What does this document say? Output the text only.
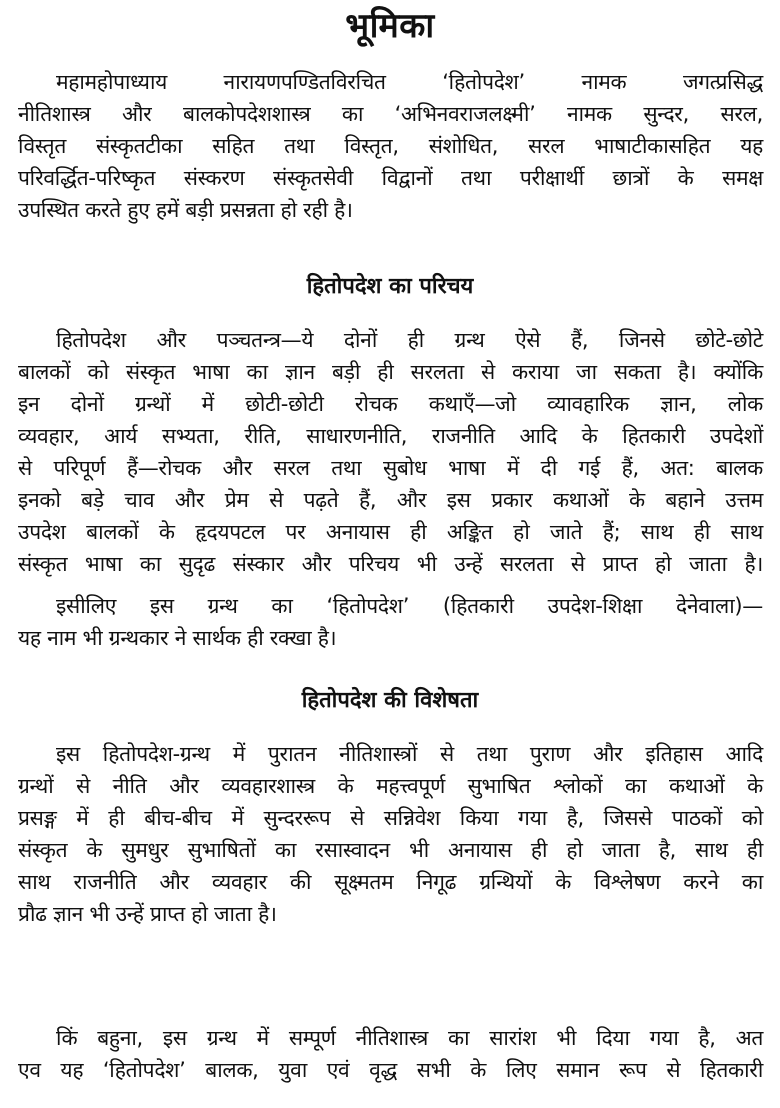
भूमिका
महामहोपाध्याय नारायणपण्डितविरचित ‘हितोपदेश’ नामक जगत्प्रसिद्ध
नीतिशास्त्र और बालकोपदेशशास्त्र का ‘अभिनवराजलक्ष्मी’ नामक सुन्दर, सरल,
विस्तृत संस्कृतटीका सहित तथा विस्तृत, संशोधित, सरल भाषाटीकासहित यह
परिवर्द्धित-परिष्कृत संस्करण संस्कृतसेवी विद्वानों तथा परीक्षार्थी छात्रों के समक्ष
उपस्थित करते हुए हमें बड़ी प्रसन्नता हो रही है।
हितोपदेश का परिचय
हितोपदेश और पञ्चतन्त्र—ये दोनों ही ग्रन्थ ऐसे हैं, जिनसे छोटे-छोटे
बालकों को संस्कृत भाषा का ज्ञान बड़ी ही सरलता से कराया जा सकता है। क्योंकि
इन दोनों ग्रन्थों में छोटी-छोटी रोचक कथाएँ—जो व्यावहारिक ज्ञान, लोक
व्यवहार, आर्य सभ्यता, रीति, साधारणनीति, राजनीति आदि के हितकारी उपदेशों
से परिपूर्ण हैं—रोचक और सरल तथा सुबोध भाषा में दी गई हैं, अत: बालक
इनको बड़े चाव और प्रेम से पढ़ते हैं, और इस प्रकार कथाओं के बहाने उत्तम
उपदेश बालकों के हृदयपटल पर अनायास ही अङ्कित हो जाते हैं; साथ ही साथ
संस्कृत भाषा का सुदृढ संस्कार और परिचय भी उन्हें सरलता से प्राप्त हो जाता है।
इसीलिए इस ग्रन्थ का ‘हितोपदेश’ (हितकारी उपदेश-शिक्षा देनेवाला)—
यह नाम भी ग्रन्थकार ने सार्थक ही रक्खा है।
हितोपदेश की विशेषता
इस हितोपदेश-ग्रन्थ में पुरातन नीतिशास्त्रों से तथा पुराण और इतिहास आदि
ग्रन्थों से नीति और व्यवहारशास्त्र के महत्त्वपूर्ण सुभाषित श्लोकों का कथाओं के
प्रसङ्ग में ही बीच-बीच में सुन्दररूप से सन्निवेश किया गया है, जिससे पाठकों को
संस्कृत के सुमधुर सुभाषितों का रसास्वादन भी अनायास ही हो जाता है, साथ ही
साथ राजनीति और व्यवहार की सूक्ष्मतम निगूढ ग्रन्थियों के विश्लेषण करने का
प्रौढ ज्ञान भी उन्हें प्राप्त हो जाता है।
किं बहुना, इस ग्रन्थ में सम्पूर्ण नीतिशास्त्र का सारांश भी दिया गया है, अत
एव यह ‘हितोपदेश’ बालक, युवा एवं वृद्ध सभी के लिए समान रूप से हितकारी
